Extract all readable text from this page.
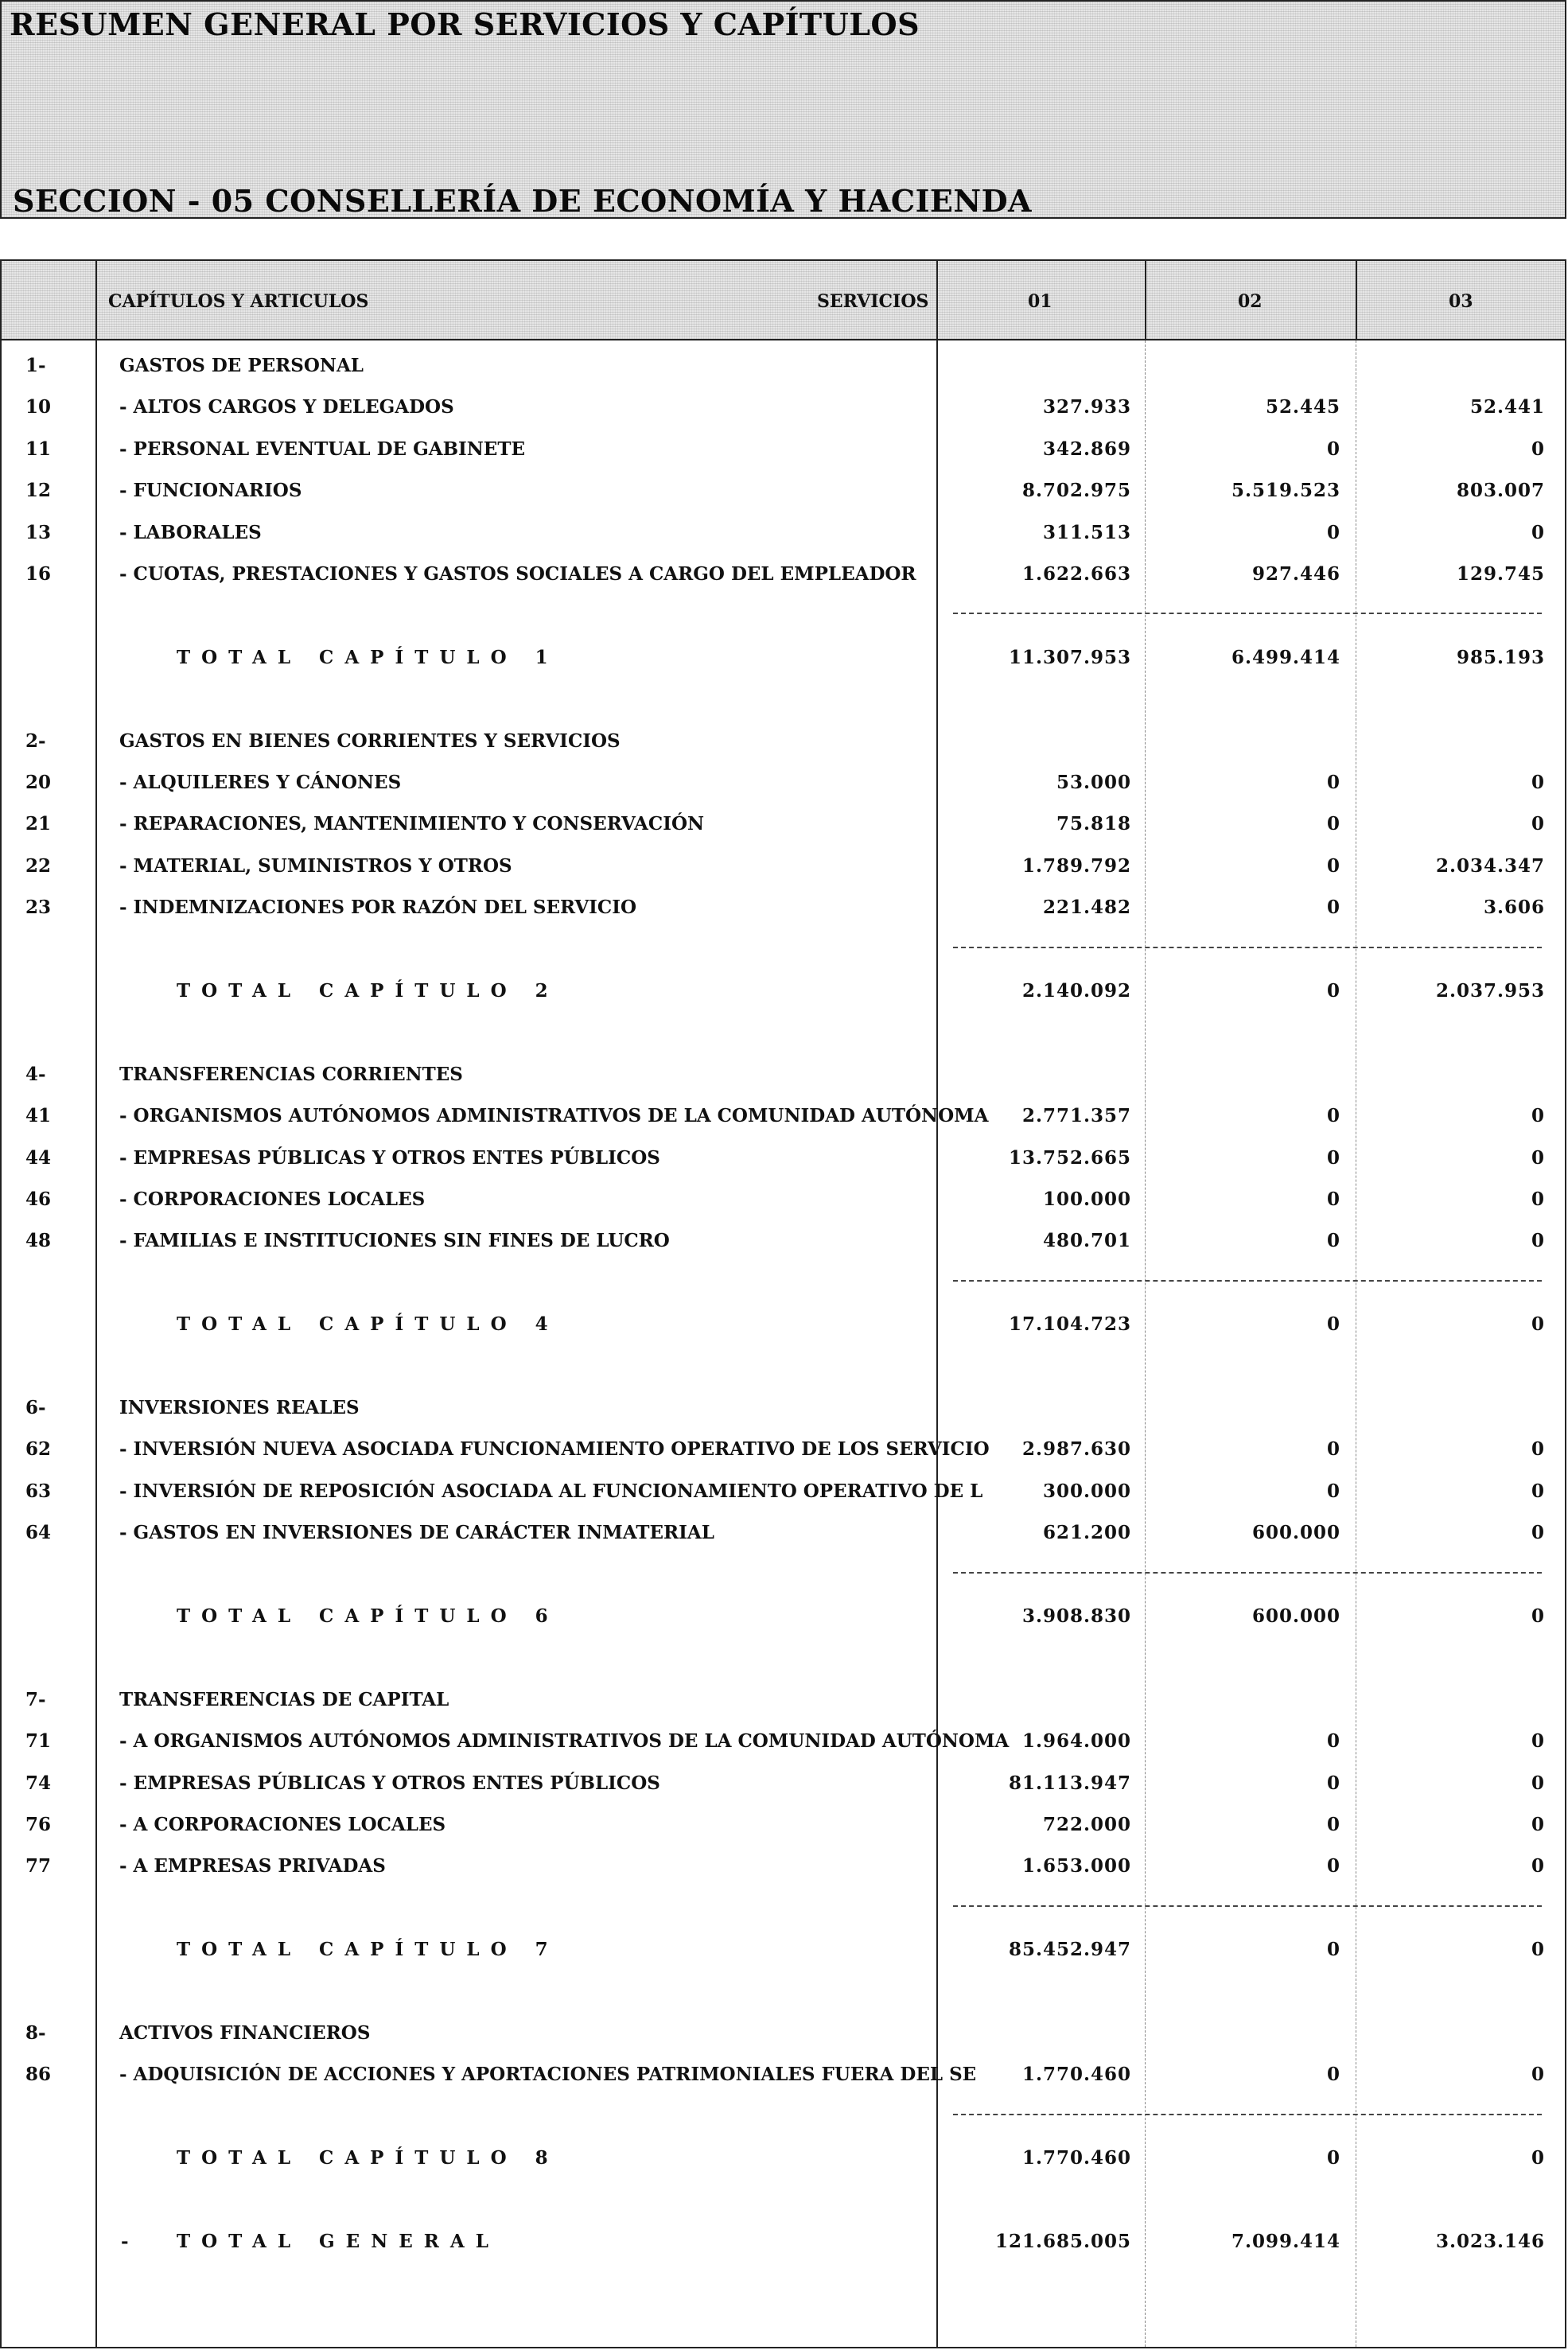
RESUMEN GENERAL POR SERVICIOS Y CAPÍTULOS
SECCION - 05 CONSELLERÍA DE ECONOMÍA Y HACIENDA
CAPÍTULOS Y ARTICULOS	SERVICIOS	01	02	03
1-	GASTOS DE PERSONAL
10	- ALTOS CARGOS Y DELEGADOS	327.933	52.445	52.441
11	- PERSONAL EVENTUAL DE GABINETE	342.869	0	0
12	- FUNCIONARIOS	8.702.975	5.519.523	803.007
13	- LABORALES	311.513	0	0
16	- CUOTAS, PRESTACIONES Y GASTOS SOCIALES A CARGO DEL EMPLEADOR	1.622.663	927.446	129.745
TOTAL CAPÍTULO 1	11.307.953	6.499.414	985.193
2-	GASTOS EN BIENES CORRIENTES Y SERVICIOS
20	- ALQUILERES Y CÁNONES	53.000	0	0
21	- REPARACIONES, MANTENIMIENTO Y CONSERVACIÓN	75.818	0	0
22	- MATERIAL, SUMINISTROS Y OTROS	1.789.792	0	2.034.347
23	- INDEMNIZACIONES POR RAZÓN DEL SERVICIO	221.482	0	3.606
TOTAL CAPÍTULO 2	2.140.092	0	2.037.953
4-	TRANSFERENCIAS CORRIENTES
41	- ORGANISMOS AUTÓNOMOS ADMINISTRATIVOS DE LA COMUNIDAD AUTÓNOMA 2.771.357	0	0
44	- EMPRESAS PÚBLICAS Y OTROS ENTES PÚBLICOS	13.752.665	0	0
46	- CORPORACIONES LOCALES	100.000	0	0
48	- FAMILIAS E INSTITUCIONES SIN FINES DE LUCRO	480.701	0	0
TOTAL CAPÍTULO 4	17.104.723	0	0
6-	INVERSIONES REALES
62	- INVERSIÓN NUEVA ASOCIADA FUNCIONAMIENTO OPERATIVO DE LOS SERVICIO 2.987.630	0	0
63	- INVERSIÓN DE REPOSICIÓN ASOCIADA AL FUNCIONAMIENTO OPERATIVO DE L	300.000	0	0
64	- GASTOS EN INVERSIONES DE CARÁCTER INMATERIAL	621.200	600.000	0
TOTAL CAPÍTULO 6	3.908.830	600.000	0
7-	TRANSFERENCIAS DE CAPITAL
71	- A ORGANISMOS AUTÓNOMOS ADMINISTRATIVOS DE LA COMUNIDAD AUTÓNOMA 1.964.000	0	0
74	- EMPRESAS PÚBLICAS Y OTROS ENTES PÚBLICOS	81.113.947	0	0
76	- A CORPORACIONES LOCALES	722.000	0	0
77	- A EMPRESAS PRIVADAS	1.653.000	0	0
TOTAL CAPÍTULO 7	85.452.947	0	0
8-	ACTIVOS FINANCIEROS
86	- ADQUISICIÓN DE ACCIONES Y APORTACIONES PATRIMONIALES FUERA DEL SE	1.770.460	0	0
TOTAL CAPÍTULO 8	1.770.460	0	0
-	TOTAL GENERAL	121.685.005	7.099.414	3.023.146
